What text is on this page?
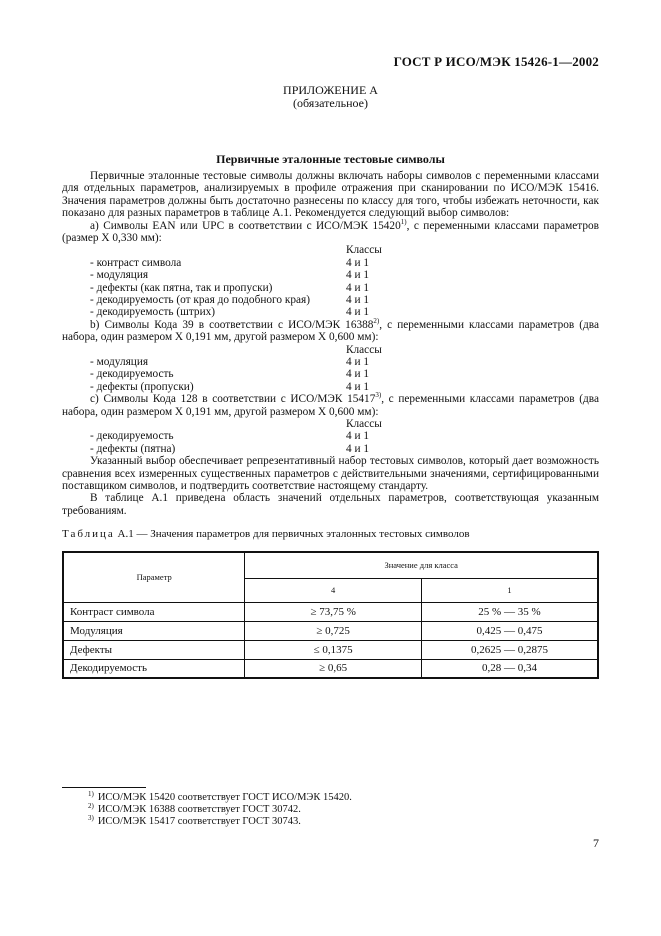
ГОСТ Р ИСО/МЭК 15426-1—2002
ПРИЛОЖЕНИЕ А
(обязательное)
Первичные эталонные тестовые символы

Первичные эталонные тестовые символы должны включать наборы символов с переменными классами для отдельных параметров, анализируемых в профиле отражения при сканировании по ИСО/МЭК 15416. Значения параметров должны быть достаточно разнесены по классу для того, чтобы избежать неточности, как показано для разных параметров в таблице А.1. Рекомендуется следующий выбор символов:

а) Символы EAN или UPC в соответствии с ИСО/МЭК 15420$^{1)}$, с переменными классами параметров (размер X 0,330 мм):

Классы
- контраст символа	4 и 1
- модуляция	4 и 1
- дефекты (как пятна, так и пропуски)	4 и 1
- декодируемость (от края до подобного края)	4 и 1
- декодируемость (штрих)	4 и 1

b) Символы Кода 39 в соответствии с ИСО/МЭК 16388$^{2)}$, с переменными классами параметров (два набора, один размером X 0,191 мм, другой размером X 0,600 мм):

Классы
- модуляция	4 и 1
- декодируемость	4 и 1
- дефекты (пропуски)	4 и 1

с) Символы Кода 128 в соответствии с ИСО/МЭК 15417$^{3)}$, с переменными классами параметров (два набора, один размером X 0,191 мм, другой размером X 0,600 мм):

Классы
- декодируемость	4 и 1
- дефекты (пятна)	4 и 1

Указанный выбор обеспечивает репрезентативный набор тестовых символов, который дает возможность сравнения всех измеренных существенных параметров с действительными значениями, сертифицированными поставщиком символов, и подтвердить соответствие настоящему стандарту.

В таблице А.1 приведена область значений отдельных параметров, соответствующая указанным требованиям.

Таблица А.1 — Значения параметров для первичных эталонных тестовых символов
Параметр	Значение для класса	
	4	1
Контраст символа	≥ 73,75 %	25 % — 35 %
Модуляция	≥ 0,725	0,425 — 0,475
Дефекты	≤ 0,1375	0,2625 — 0,2875
Декодируемость	≥ 0,65	0,28 — 0,34
$^{1)}$ ИСО/МЭК 15420 соответствует ГОСТ ИСО/МЭК 15420.
$^{2)}$ ИСО/МЭК 16388 соответствует ГОСТ 30742.
$^{3)}$ ИСО/МЭК 15417 соответствует ГОСТ 30743.
7
